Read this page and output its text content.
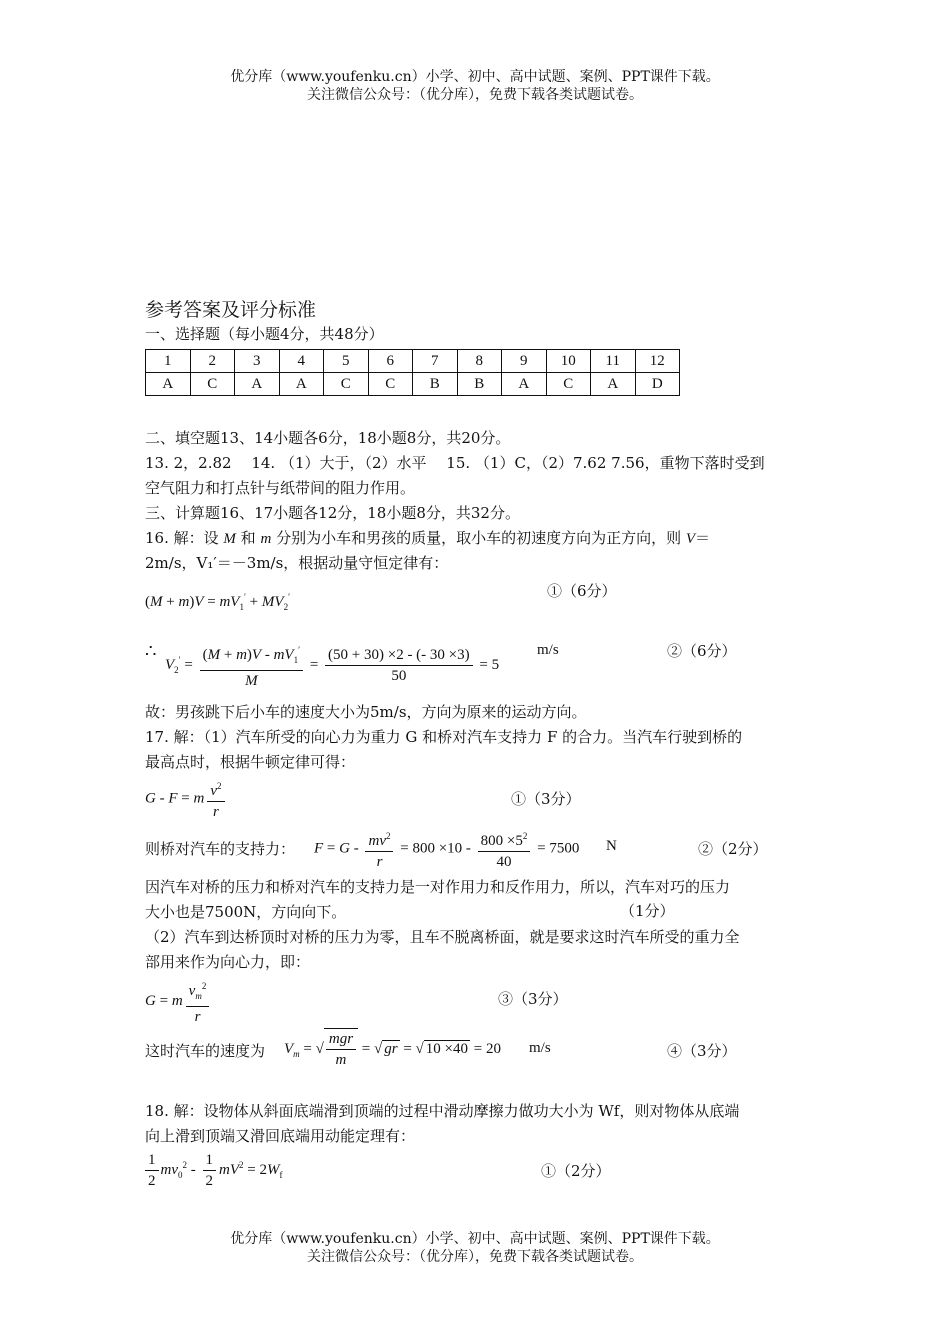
优分库（www.youfenku.cn）小学、初中、高中试题、案例、PPT课件下载。
关注微信公众号：（优分库），免费下载各类试题试卷。
参考答案及评分标准
一、选择题（每小题4分，共48分）
1	2	3	4	5	6	7	8	9	10	11	12
A	C	A	A	C	C	B	B	A	C	A	D
二、填空题13、14小题各6分，18小题8分，共20分。
13. 2，2.82　 14. （1）大于，（2）水平　 15. （1）C，（2）7.62 7.56，重物下落时受到
空气阻力和打点针与纸带间的阻力作用。
三、计算题16、17小题各12分，18小题8分，共32分。
16. 解：设 M 和 m 分别为小车和男孩的质量，取小车的初速度方向为正方向，则 V＝
2m/s，V₁′＝－3m/s，根据动量守恒定律有：
$(M + m)V = mV_1' + MV_2'$	①（6分）
∴
$V_2' = \frac{(M + m)V - mV_1'}{M} = \frac{(50 + 30) \times 2 - (- 30 \times 3)}{50} = 5$
m/s	②（6分）
故：男孩跳下后小车的速度大小为5m/s，方向为原来的运动方向。
17. 解：（1）汽车所受的向心力为重力 G 和桥对汽车支持力 F 的合力。当汽车行驶到桥的
最高点时，根据牛顿定律可得：
G - F = m $\frac{v^2}{r}$	①（3分）
则桥对汽车的支持力： $F = G - \frac{mv^2}{r} = 800 \times 10 - \frac{800 \times 5^2}{40} = 7500$ N	②（2分）
因汽车对桥的压力和桥对汽车的支持力是一对作用力和反作用力，所以，汽车对巧的压力
大小也是7500N，方向向下。	（1分）
（2）汽车到达桥顶时对桥的压力为零，且车不脱离桥面，就是要求这时汽车所受的重力全
部用来作为向心力，即：
G = m $\frac{v_m^2}{r}$	③（3分）
这时汽车的速度为 $V_m$ = √ $\frac{\text{mgr}}{m}$ = √ gr = √ 10 ×40 = 20 m/s	④（3分）
18. 解：设物体从斜面底端滑到顶端的过程中滑动摩擦力做功大小为 Wf，则对物体从底端
向上滑到顶端又滑回底端用动能定理有：
$\frac{1}{2} mv_0^2 - \frac{1}{2} mV^2 = 2W_f$	①（2分）
优分库（www.youfenku.cn）小学、初中、高中试题、案例、PPT课件下载。
关注微信公众号：（优分库），免费下载各类试题试卷。
